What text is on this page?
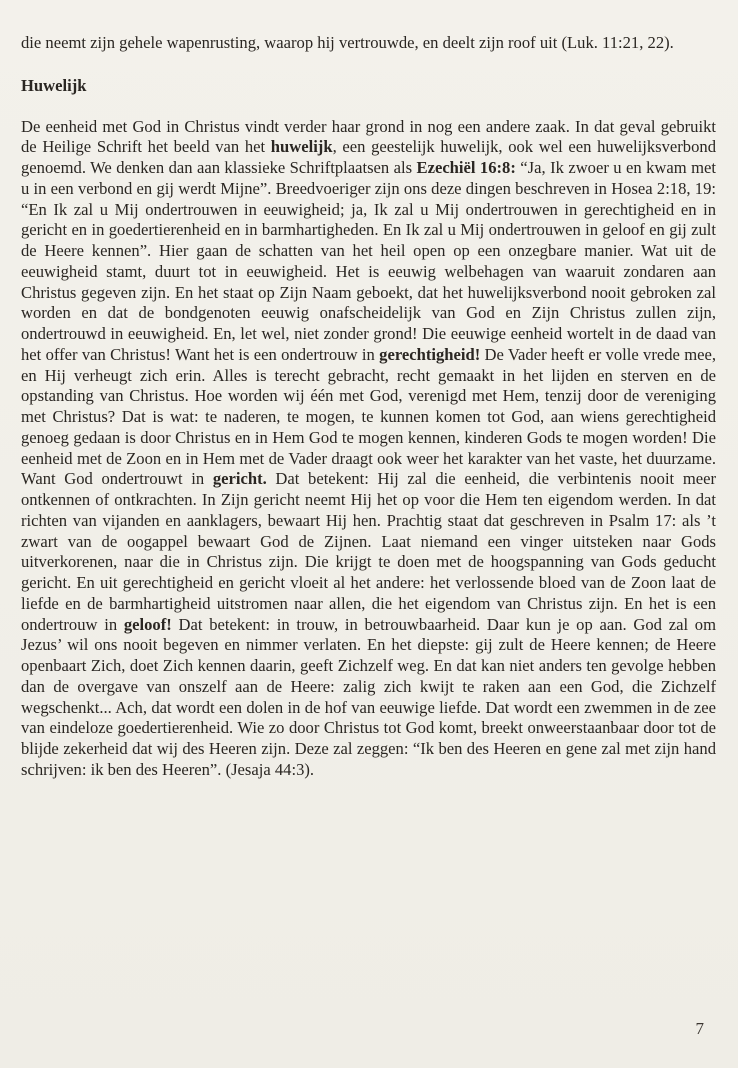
die neemt zijn gehele wapenrusting, waarop hij vertrouwde, en deelt zijn roof uit (Luk. 11:21, 22).

Huwelijk

De eenheid met God in Christus vindt verder haar grond in nog een andere zaak. In dat geval gebruikt de Heilige Schrift het beeld van het huwelijk, een geestelijk huwelijk, ook wel een huwelijksverbond genoemd. We denken dan aan klassieke Schriftplaatsen als Ezechiël 16:8: “Ja, Ik zwoer u en kwam met u in een verbond en gij werdt Mijne”. Breedvoeriger zijn ons deze dingen beschreven in Hosea 2:18, 19: “En Ik zal u Mij ondertrouwen in eeuwigheid; ja, Ik zal u Mij ondertrouwen in gerechtigheid en in gericht en in goedertierenheid en in barmhartigheden. En Ik zal u Mij ondertrouwen in geloof en gij zult de Heere kennen”. Hier gaan de schatten van het heil open op een onzegbare manier. Wat uit de eeuwigheid stamt, duurt tot in eeuwigheid. Het is eeuwig welbehagen van waaruit zondaren aan Christus gegeven zijn. En het staat op Zijn Naam geboekt, dat het huwelijksverbond nooit gebroken zal worden en dat de bondgenoten eeuwig onafscheidelijk van God en Zijn Christus zullen zijn, ondertrouwd in eeuwigheid. En, let wel, niet zonder grond! Die eeuwige eenheid wortelt in de daad van het offer van Christus! Want het is een ondertrouw in gerechtigheid! De Vader heeft er volle vrede mee, en Hij verheugt zich erin. Alles is terecht gebracht, recht gemaakt in het lijden en sterven en de opstanding van Christus. Hoe worden wij één met God, verenigd met Hem, tenzij door de vereniging met Christus? Dat is wat: te naderen, te mogen, te kunnen komen tot God, aan wiens gerechtigheid genoeg gedaan is door Christus en in Hem God te mogen kennen, kinderen Gods te mogen worden! Die eenheid met de Zoon en in Hem met de Vader draagt ook weer het karakter van het vaste, het duurzame. Want God ondertrouwt in gericht. Dat betekent: Hij zal die eenheid, die verbintenis nooit meer ontkennen of ontkrachten. In Zijn gericht neemt Hij het op voor die Hem ten eigendom werden. In dat richten van vijanden en aanklagers, bewaart Hij hen. Prachtig staat dat geschreven in Psalm 17: als ’t zwart van de oogappel bewaart God de Zijnen. Laat niemand een vinger uitsteken naar Gods uitverkorenen, naar die in Christus zijn. Die krijgt te doen met de hoogspanning van Gods geducht gericht. En uit gerechtigheid en gericht vloeit al het andere: het verlossende bloed van de Zoon laat de liefde en de barmhartigheid uitstromen naar allen, die het eigendom van Christus zijn. En het is een ondertrouw in geloof! Dat betekent: in trouw, in betrouwbaarheid. Daar kun je op aan. God zal om Jezus’ wil ons nooit begeven en nimmer verlaten. En het diepste: gij zult de Heere kennen; de Heere openbaart Zich, doet Zich kennen daarin, geeft Zichzelf weg. En dat kan niet anders ten gevolge hebben dan de overgave van onszelf aan de Heere: zalig zich kwijt te raken aan een God, die Zichzelf wegschenkt... Ach, dat wordt een dolen in de hof van eeuwige liefde. Dat wordt een zwemmen in de zee van eindeloze goedertierenheid. Wie zo door Christus tot God komt, breekt onweerstaanbaar door tot de blijde zekerheid dat wij des Heeren zijn. Deze zal zeggen: “Ik ben des Heeren en gene zal met zijn hand schrijven: ik ben des Heeren”. (Jesaja 44:3).

7
